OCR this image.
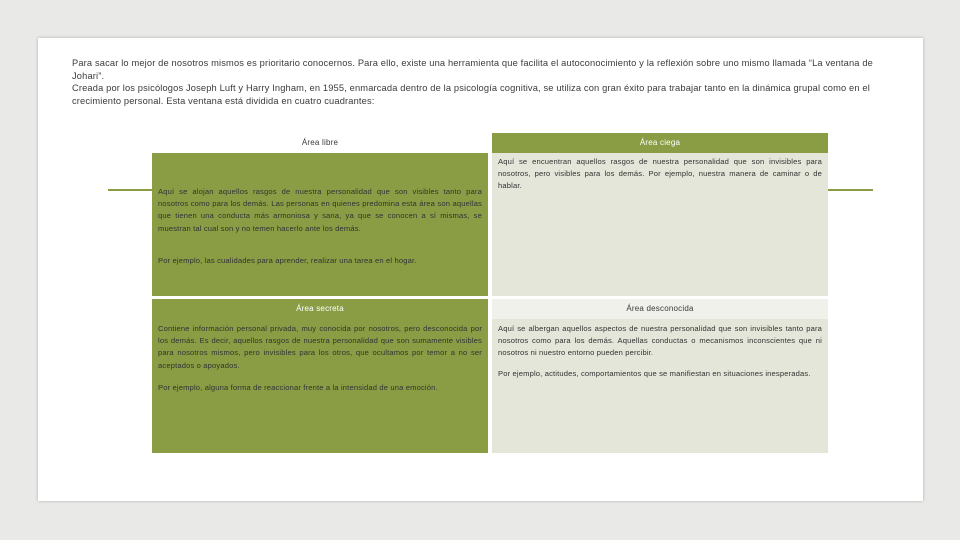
Para sacar lo mejor de nosotros mismos es prioritario conocernos. Para ello, existe una herramienta que facilita el autoconocimiento y la reflexión sobre uno mismo llamada “La ventana de Johari”.

Creada por los psicólogos Joseph Luft y Harry Ingham, en 1955, enmarcada dentro de la psicología cognitiva, se utiliza con gran éxito para trabajar tanto en la dinámica grupal como en el crecimiento personal. Esta ventana está dividida en cuatro cuadrantes:

Área libre	Área ciega

Aquí se alojan aquellos rasgos de nuestra personalidad que son visibles tanto para nosotros como para los demás. Las personas en quienes predomina esta área son aquellas que tienen una conducta más armoniosa y sana, ya que se conocen a sí mismas, se muestran tal cual son y no temen hacerlo ante los demás.

Por ejemplo, las cualidades para aprender, realizar una tarea en el hogar.

Aquí se encuentran aquellos rasgos de nuestra personalidad que son invisibles para nosotros, pero visibles para los demás. Por ejemplo, nuestra manera de caminar o de hablar.

Área secreta	Área desconocida

Contiene información personal privada, muy conocida por nosotros, pero desconocida por los demás. Es decir, aquellos rasgos de nuestra personalidad que son sumamente visibles para nosotros mismos, pero invisibles para los otros, que ocultamos por temor a no ser aceptados o apoyados.

Por ejemplo, alguna forma de reaccionar frente a la intensidad de una emoción.

Aquí se albergan aquellos aspectos de nuestra personalidad que son invisibles tanto para nosotros como para los demás. Aquellas conductas o mecanismos inconscientes que ni nosotros ni nuestro entorno pueden percibir.

Por ejemplo, actitudes, comportamientos que se manifiestan en situaciones inesperadas.
